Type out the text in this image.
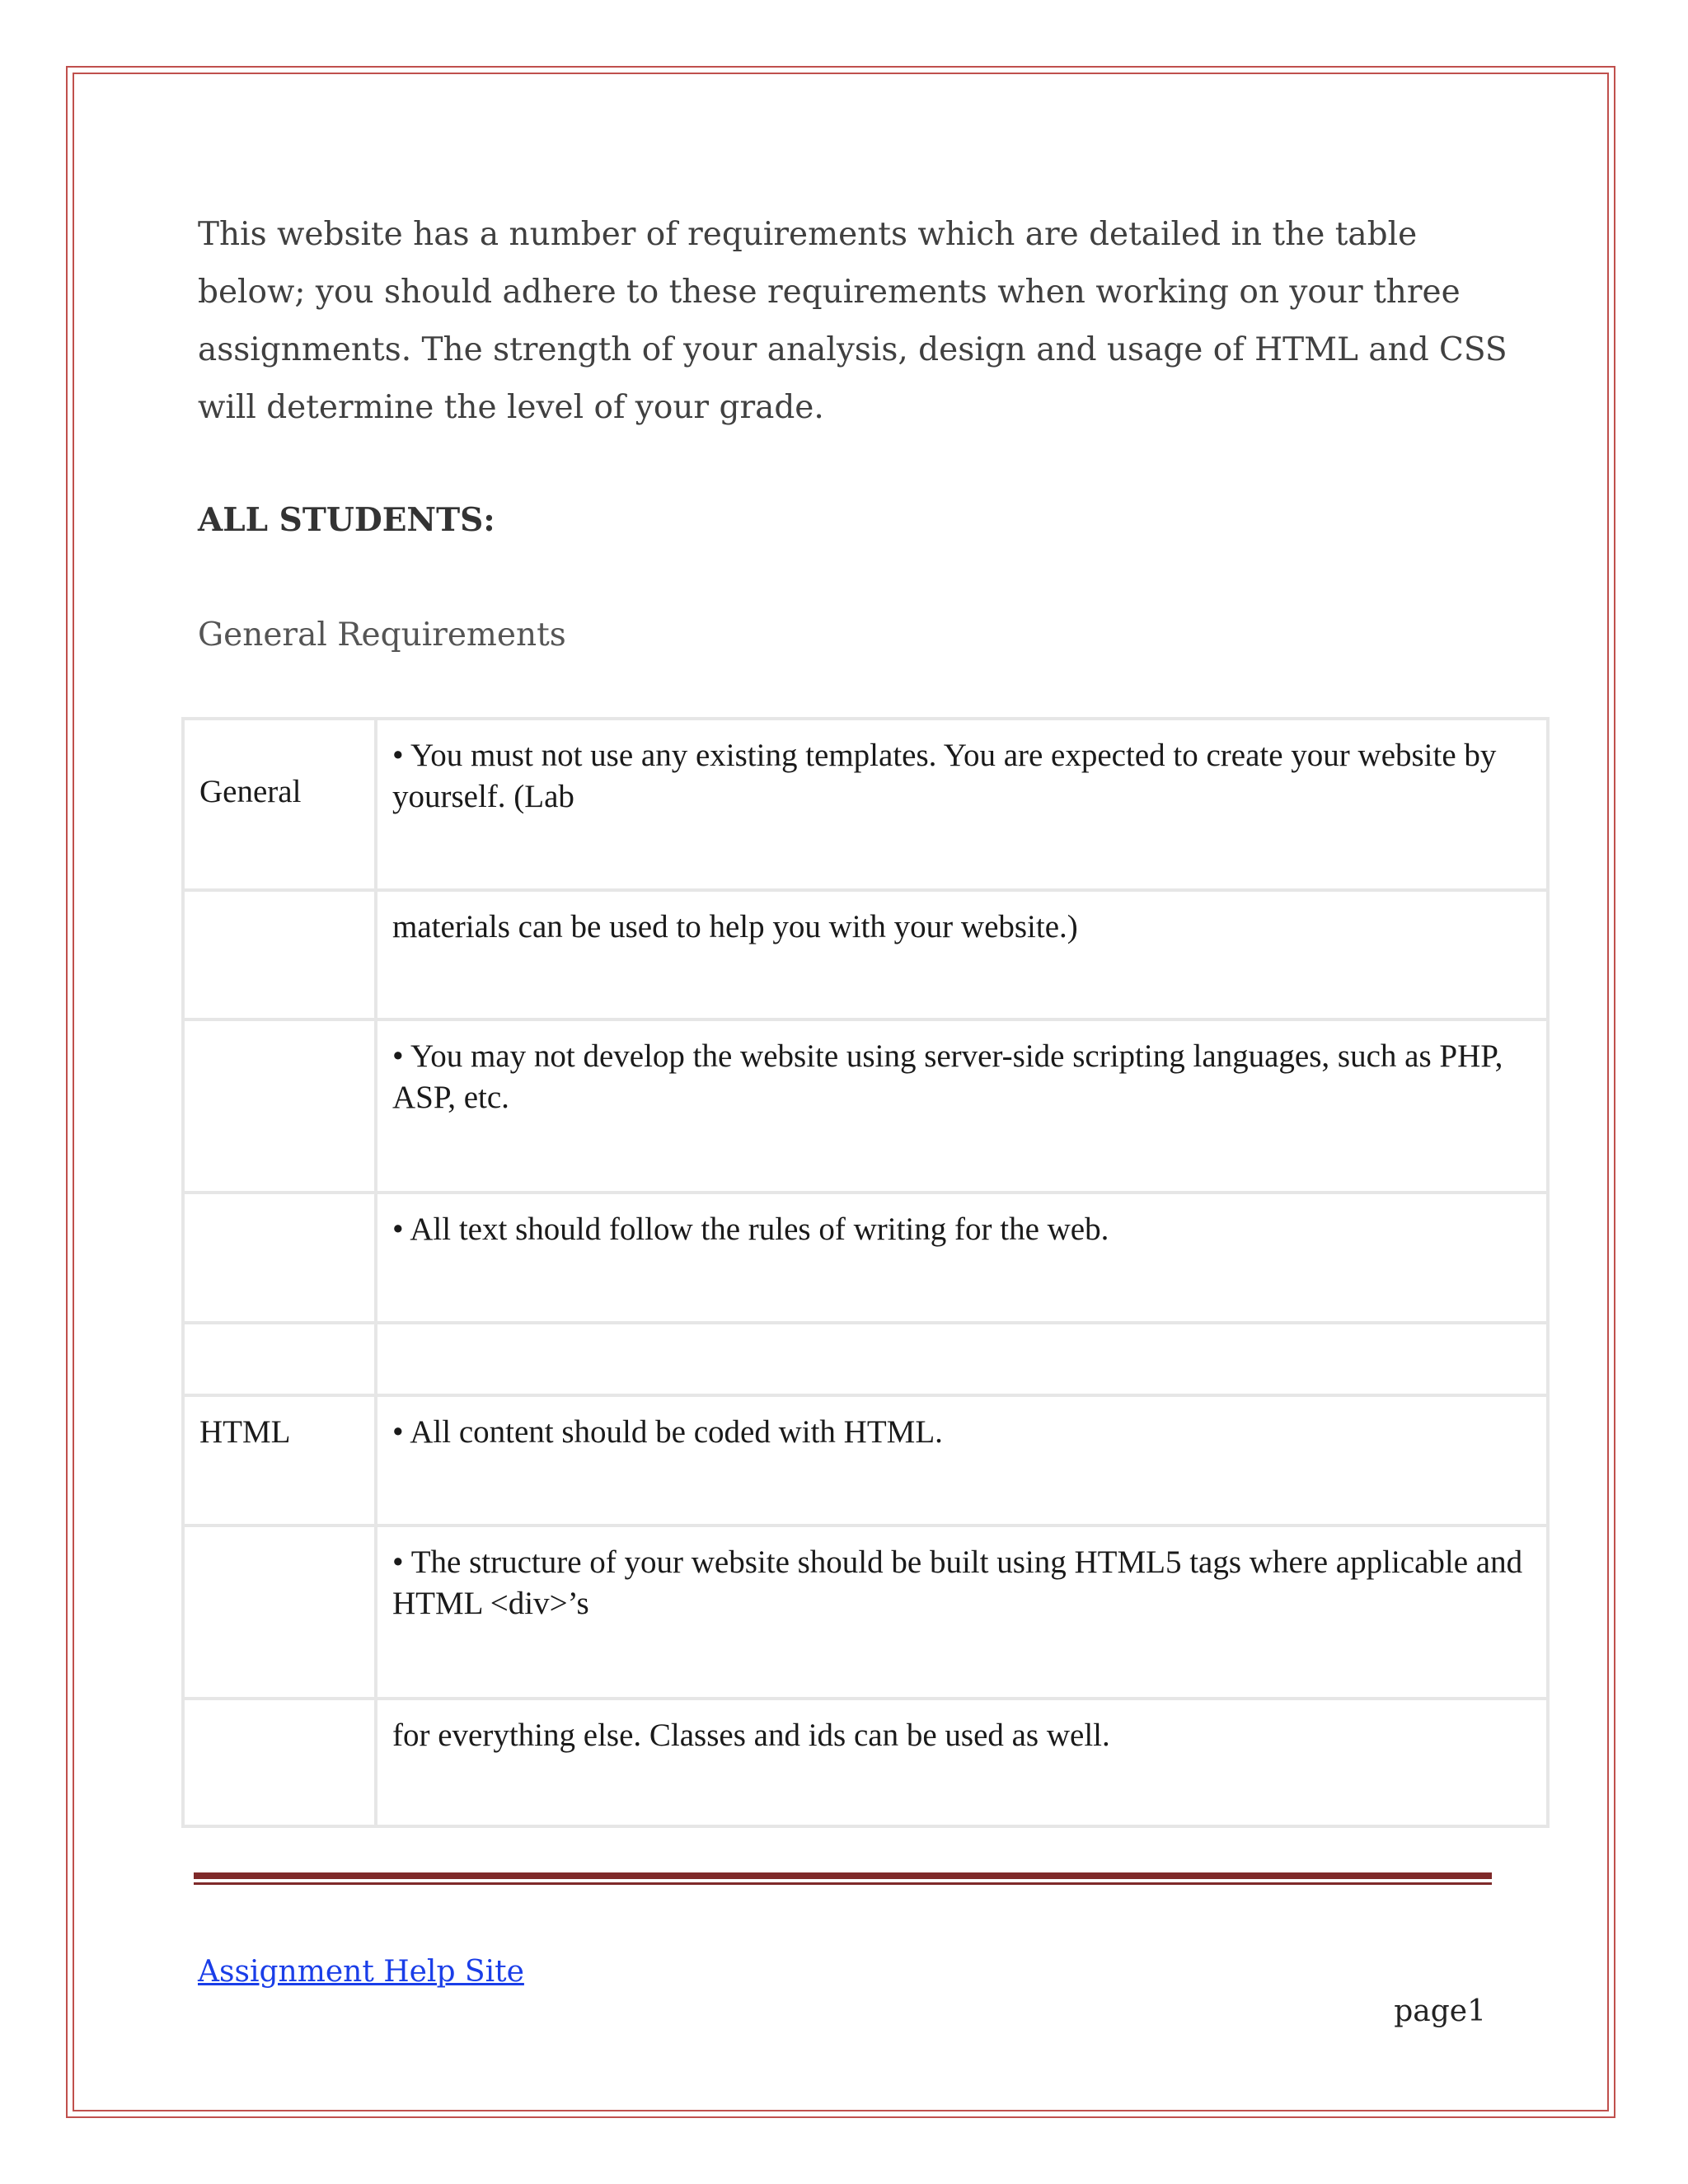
This website has a number of requirements which are detailed in the table below; you should adhere to these requirements when working on your three assignments. The strength of your analysis, design and usage of HTML and CSS will determine the level of your grade.

ALL STUDENTS:

General Requirements

General	• You must not use any existing templates. You are expected to create your website by yourself. (Lab
	materials can be used to help you with your website.)
	• You may not develop the website using server-side scripting languages, such as PHP, ASP, etc.
	• All text should follow the rules of writing for the web.

HTML	• All content should be coded with HTML.
	• The structure of your website should be built using HTML5 tags where applicable and HTML <div>’s
	for everything else. Classes and ids can be used as well.
Assignment Help Site
page1
